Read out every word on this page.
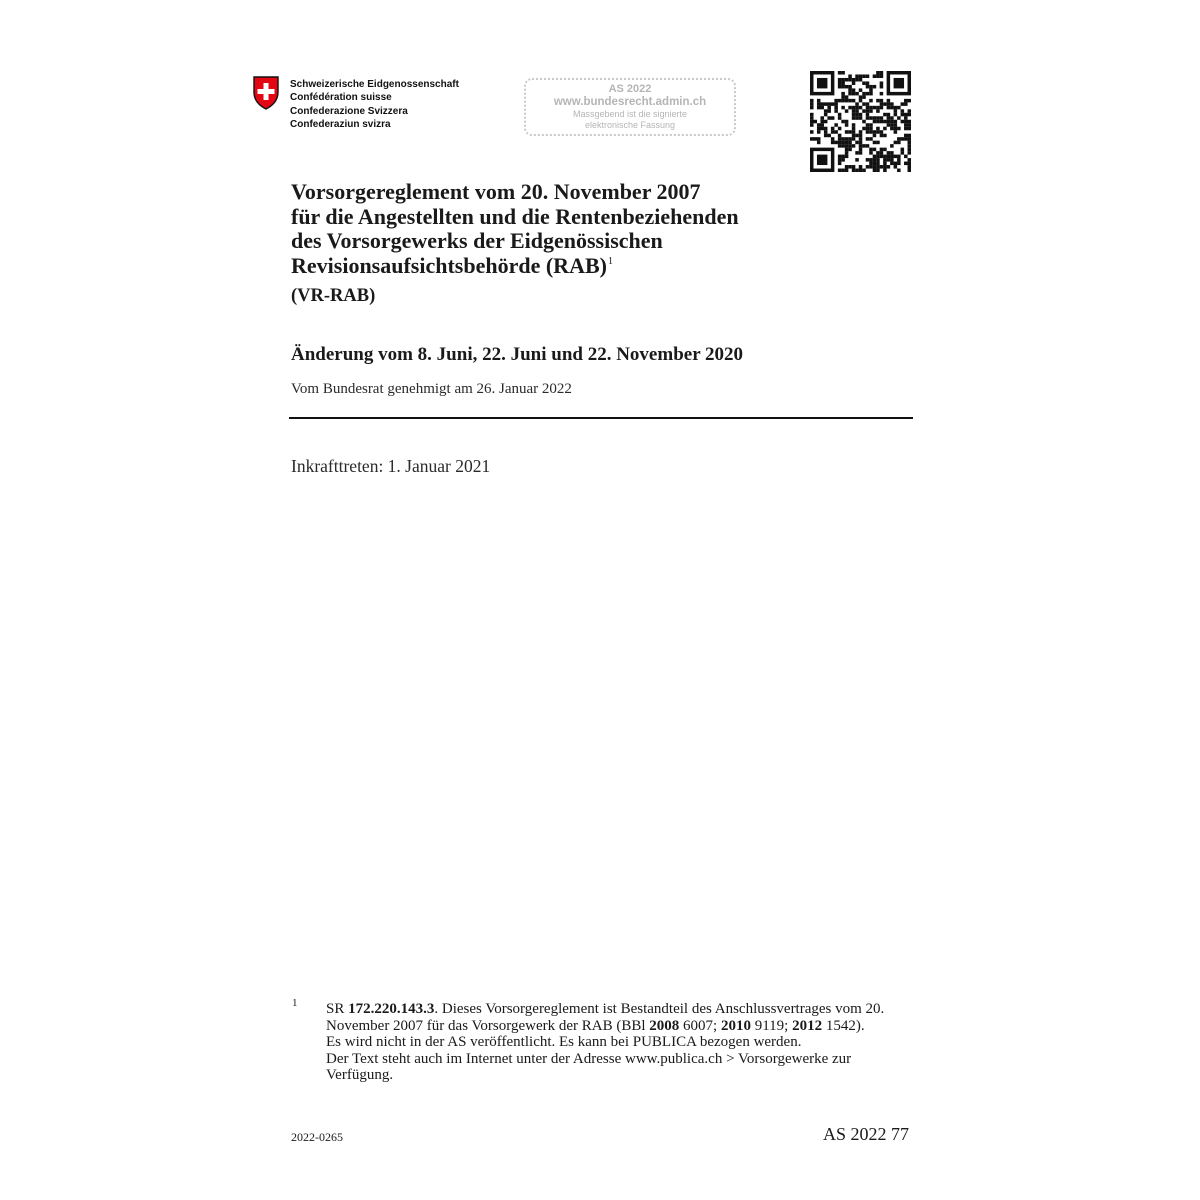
Schweizerische Eidgenossenschaft
Confédération suisse
Confederazione Svizzera
Confederaziun svizra
AS 2022
www.bundesrecht.admin.ch
Massgebend ist die signierte
elektronische Fassung
Vorsorgereglement vom 20. November 2007
für die Angestellten und die Rentenbeziehenden
des Vorsorgewerks der Eidgenössischen
Revisionsaufsichtsbehörde (RAB)$^1$
(VR-RAB)
Änderung vom 8. Juni, 22. Juni und 22. November 2020
Vom Bundesrat genehmigt am 26. Januar 2022
Inkrafttreten: 1. Januar 2021
1 SR 172.220.143.3. Dieses Vorsorgereglement ist Bestandteil des Anschlussvertrages vom 20. November 2007 für das Vorsorgewerk der RAB (BBl 2008 6007; 2010 9119; 2012 1542).
Es wird nicht in der AS veröffentlicht. Es kann bei PUBLICA bezogen werden.
Der Text steht auch im Internet unter der Adresse www.publica.ch > Vorsorgewerke zur Verfügung.
2022-0265	AS 2022 77
